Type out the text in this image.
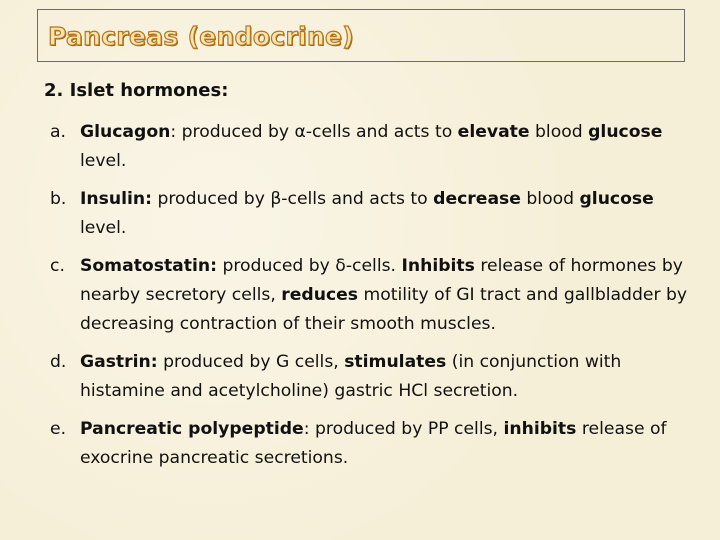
Pancreas (endocrine)
2. Islet hormones:
a. Glucagon: produced by α-cells and acts to elevate blood glucose level.
b. Insulin: produced by β-cells and acts to decrease blood glucose level.
c. Somatostatin: produced by δ-cells. Inhibits release of hormones by nearby secretory cells, reduces motility of GI tract and gallbladder by decreasing contraction of their smooth muscles.
d. Gastrin: produced by G cells, stimulates (in conjunction with histamine and acetylcholine) gastric HCl secretion.
e. Pancreatic polypeptide: produced by PP cells, inhibits release of exocrine pancreatic secretions.
